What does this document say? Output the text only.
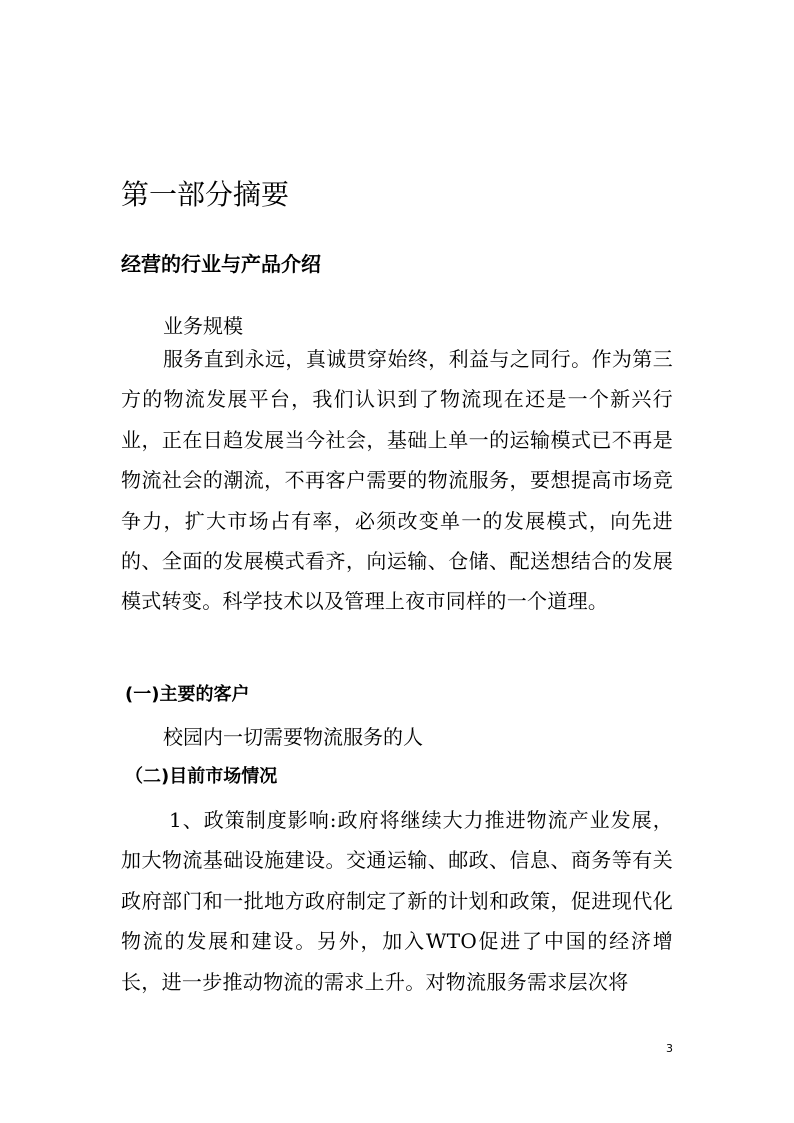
第一部分摘要
经营的行业与产品介绍
业务规模

服务直到永远，真诚贯穿始终，利益与之同行。作为第三方的物流发展平台，我们认识到了物流现在还是一个新兴行业，正在日趋发展当今社会，基础上单一的运输模式已不再是物流社会的潮流，不再客户需要的物流服务，要想提高市场竞争力，扩大市场占有率，必须改变单一的发展模式，向先进的、全面的发展模式看齐，向运输、仓储、配送想结合的发展模式转变。科学技术以及管理上夜市同样的一个道理。

(一)主要的客户
校园内一切需要物流服务的人
（二)目前市场情况

1、政策制度影响:政府将继续大力推进物流产业发展，加大物流基础设施建设。交通运输、邮政、信息、商务等有关政府部门和一批地方政府制定了新的计划和政策，促进现代化物流的发展和建设。另外，加入WTO促进了中国的经济增长，进一步推动物流的需求上升。对物流服务需求层次将

3
